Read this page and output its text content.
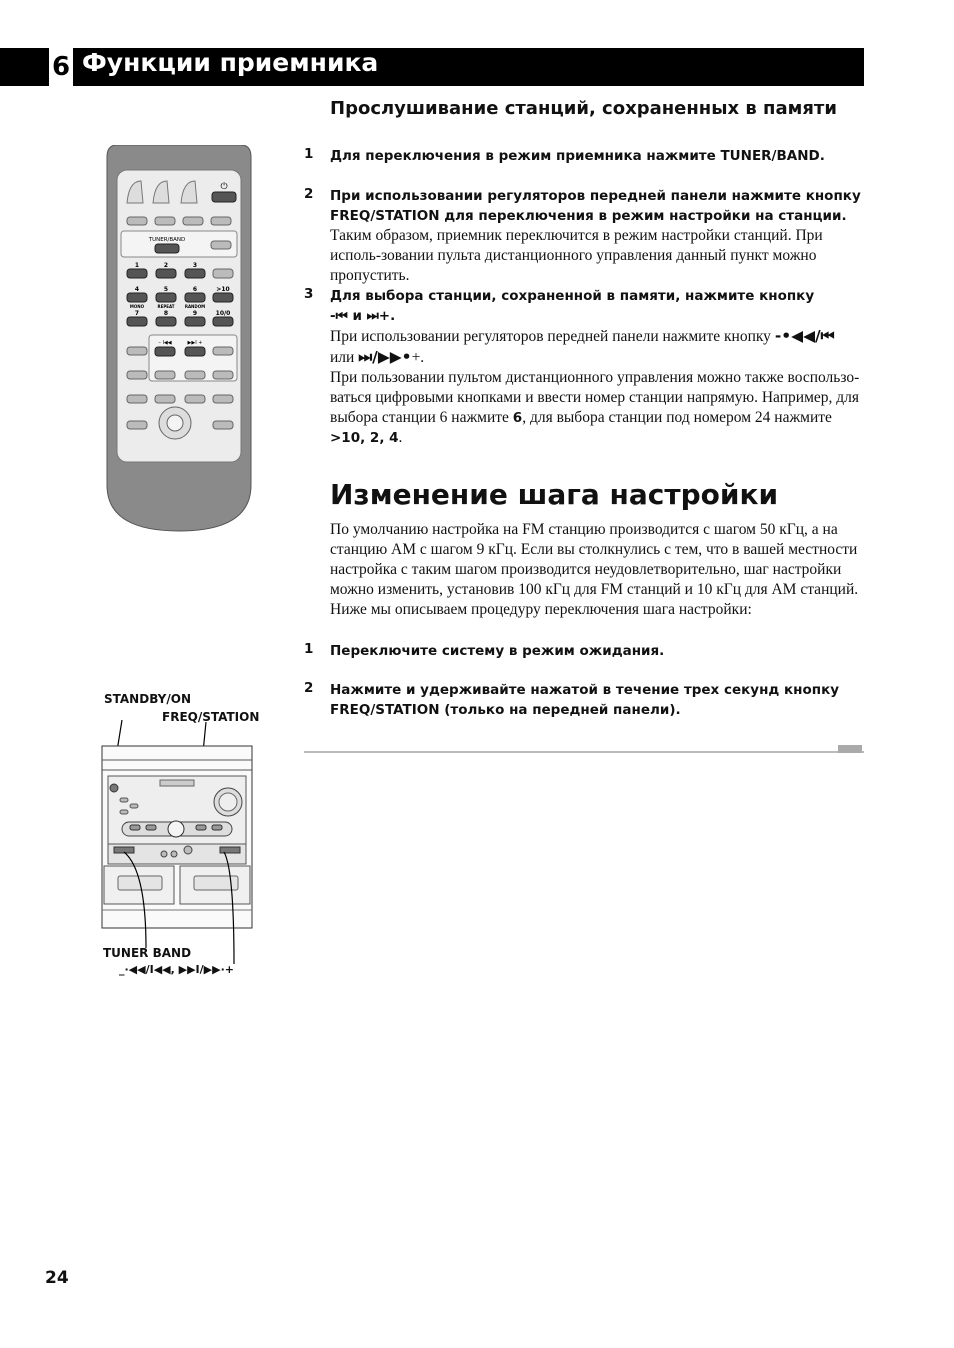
6 Функции приемника
⏻
TUNER/BAND
1	2	3
4	5	6	>10
MONO	REPEAT	RANDOM
7	8	9	10/0
– I◀◀	▶▶I +
Прослушивание станций, сохраненных в памяти
1 Для переключения в режим приемника нажмите TUNER/BAND.
2 При использовании регуляторов передней панели нажмите кнопку FREQ/STATION для переключения в режим настройки на станции.
Таким образом, приемник переключится в режим настройки станций. При исполь-зовании пульта дистанционного управления данный пункт можно пропустить.
3 Для выбора станции, сохраненной в памяти, нажмите кнопку
-⏮ и ⏭+.
При использовании регуляторов передней панели нажмите кнопку -•◀◀/⏮
или ⏭/▶▶•+.
При пользовании пультом дистанционного управления можно также воспользо-ваться цифровыми кнопками и ввести номер станции напрямую. Например, для выбора станции 6 нажмите 6, для выбора станции под номером 24 нажмите >10, 2, 4.
Изменение шага настройки
По умолчанию настройка на FM станцию производится с шагом 50 кГц, а на станцию AM с шагом 9 кГц. Если вы столкнулись с тем, что в вашей местности настройка с таким шагом производится неудовлетворительно, шаг настройки можно изменить, установив 100 кГц для FM станций и 10 кГц для AM станций. Ниже мы описываем процедуру переключения шага настройки:
1 Переключите систему в режим ожидания.
2 Нажмите и удерживайте нажатой в течение трех секунд кнопку FREQ/STATION (только на передней панели).
STANDBY/ON
FREQ/STATION
TUNER BAND
_·◀◀/I◀◀, ▶▶I/▶▶·+
24
